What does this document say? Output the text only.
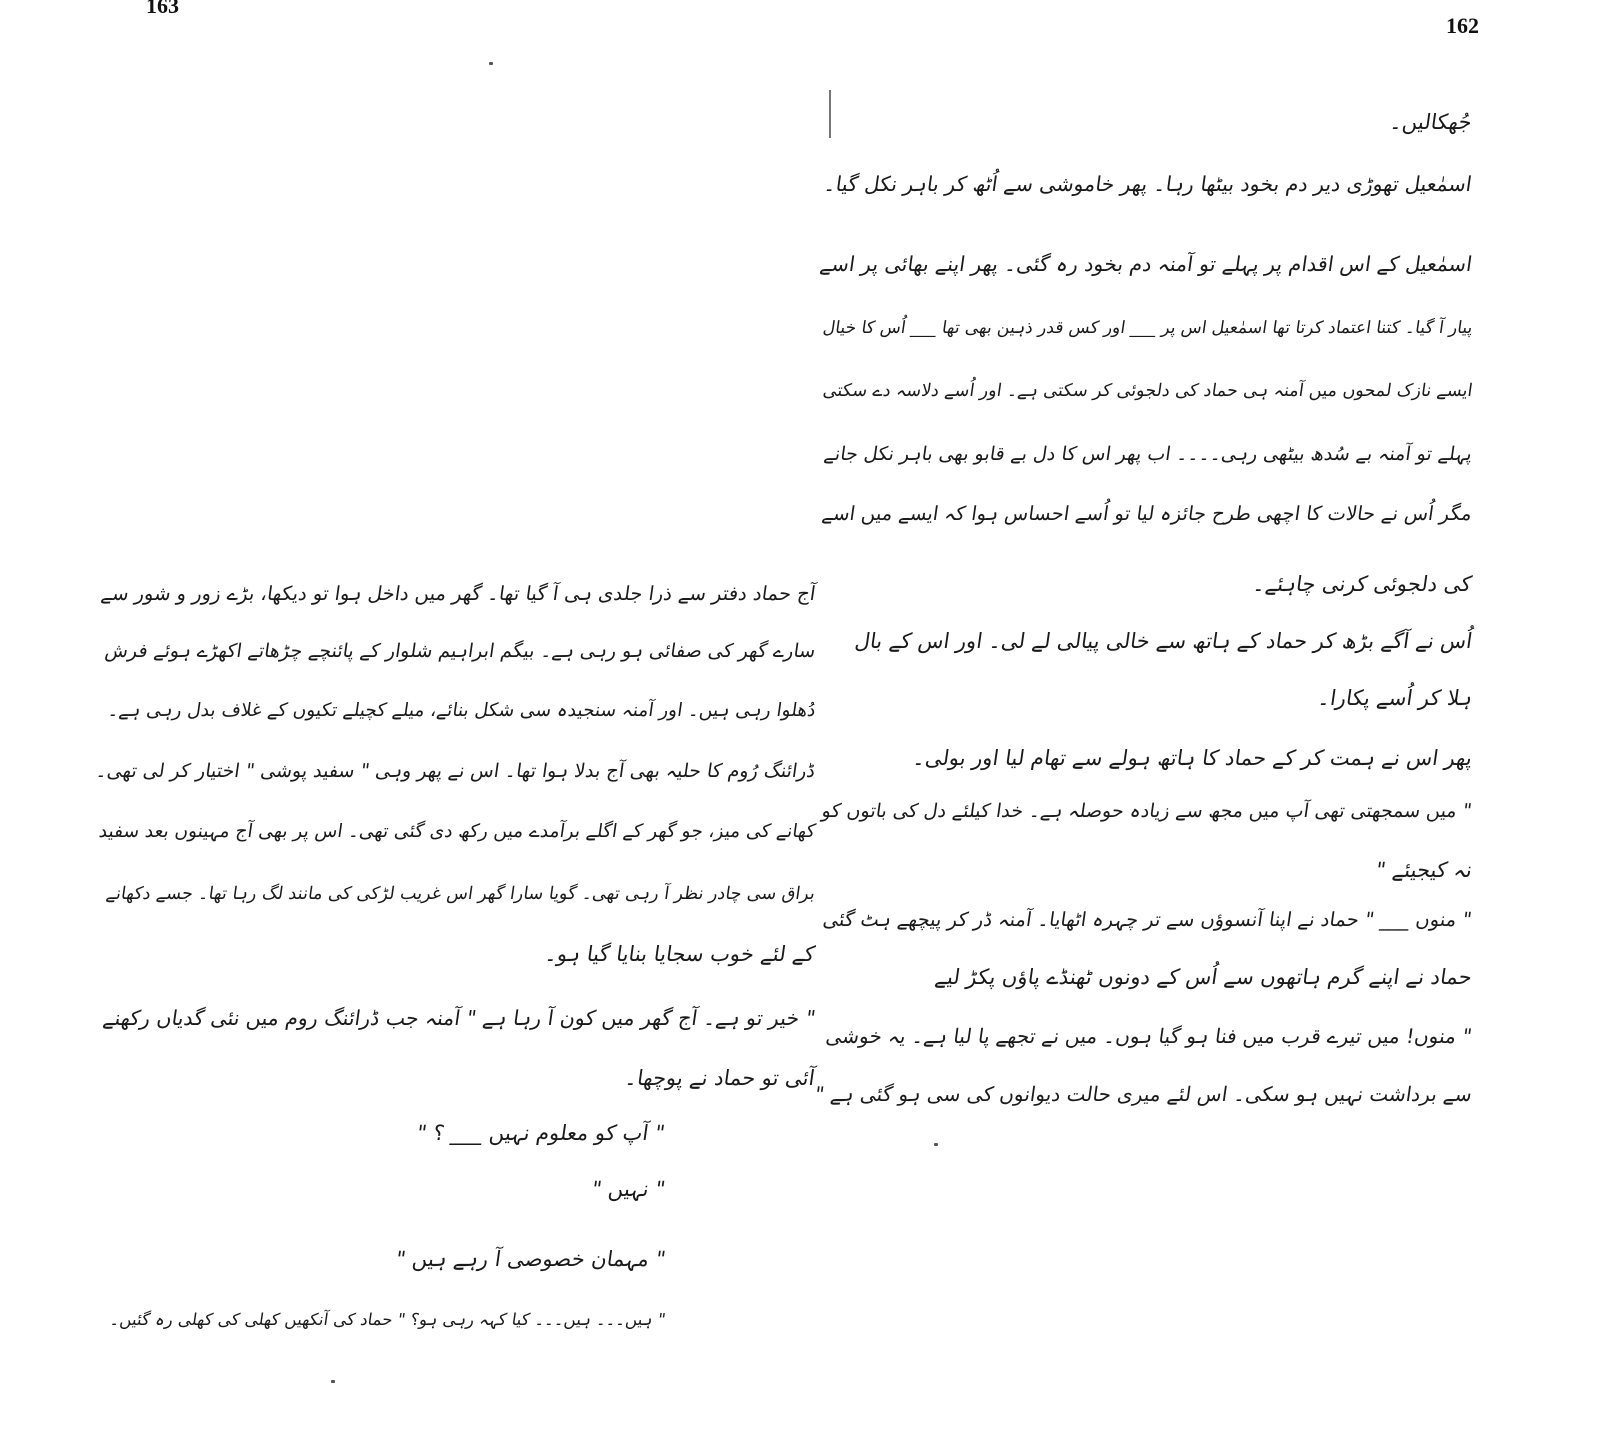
163
162
جُھکالیں۔
اسمٰعیل تھوڑی دیر دم بخود بیٹھا رہا۔ پھر خاموشی سے اُٹھ کر باہر نکل گیا۔
اسمٰعیل کے اس اقدام پر پہلے تو آمنہ دم بخود رہ گئی۔ پھر اپنے بھائی پر اسے
پیار آ گیا۔ کتنا اعتماد کرتا تھا اسمٰعیل اس پر ___ اور کس قدر ذہین بھی تھا ___ اُس کا خیال
ایسے نازک لمحوں میں آمنہ ہی حماد کی دلجوئی کر سکتی ہے۔ اور اُسے دلاسہ دے سکتی
پہلے تو آمنہ بے سُدھ بیٹھی رہی۔۔۔۔ اب پھر اس کا دل بے قابو بھی باہر نکل جانے
مگر اُس نے حالات کا اچھی طرح جائزہ لیا تو اُسے احساس ہوا کہ ایسے میں اسے
کی دلجوئی کرنی چاہئے۔
اُس نے آگے بڑھ کر حماد کے ہاتھ سے خالی پیالی لے لی۔ اور اس کے بال
ہلا کر اُسے پکارا۔
پھر اس نے ہمت کر کے حماد کا ہاتھ ہولے سے تھام لیا اور بولی۔
" میں سمجھتی تھی آپ میں مجھ سے زیادہ حوصلہ ہے۔ خدا کیلئے دل کی باتوں کو
نہ کیجیئے "
" منوں ___ " حماد نے اپنا آنسوؤں سے تر چہرہ اٹھایا۔ آمنہ ڈر کر پیچھے ہٹ گئی
حماد نے اپنے گرم ہاتھوں سے اُس کے دونوں ٹھنڈے پاؤں پکڑ لیے
" منوں! میں تیرے قرب میں فنا ہو گیا ہوں۔ میں نے تجھے پا لیا ہے۔ یہ خوشی
سے برداشت نہیں ہو سکی۔ اس لئے میری حالت دیوانوں کی سی ہو گئی ہے "
آج حماد دفتر سے ذرا جلدی ہی آ گیا تھا۔ گھر میں داخل ہوا تو دیکھا، بڑے زور و شور سے
سارے گھر کی صفائی ہو رہی ہے۔ بیگم ابراہیم شلوار کے پائنچے چڑھاتے اکھڑے ہوئے فرش
دُھلوا رہی ہیں۔ اور آمنہ سنجیدہ سی شکل بنائے، میلے کچیلے تکیوں کے غلاف بدل رہی ہے۔
ڈرائنگ رُوم کا حلیہ بھی آج بدلا ہوا تھا۔ اس نے پھر وہی " سفید پوشی " اختیار کر لی تھی۔
کھانے کی میز، جو گھر کے اگلے برآمدے میں رکھ دی گئی تھی۔ اس پر بھی آج مہینوں بعد سفید
براق سی چادر نظر آ رہی تھی۔ گویا سارا گھر اس غریب لڑکی کی مانند لگ رہا تھا۔ جسے دکھانے
کے لئے خوب سجایا بنایا گیا ہو۔
" خیر تو ہے۔ آج گھر میں کون آ رہا ہے " آمنہ جب ڈرائنگ روم میں نئی گدیاں رکھنے
آئی تو حماد نے پوچھا۔
" آپ کو معلوم نہیں ___ ؟ "
" نہیں "
" مہمان خصوصی آ رہے ہیں "
" ہیں۔۔۔ ہیں۔۔۔ کیا کہہ رہی ہو؟ " حماد کی آنکھیں کھلی کی کھلی رہ گئیں۔
